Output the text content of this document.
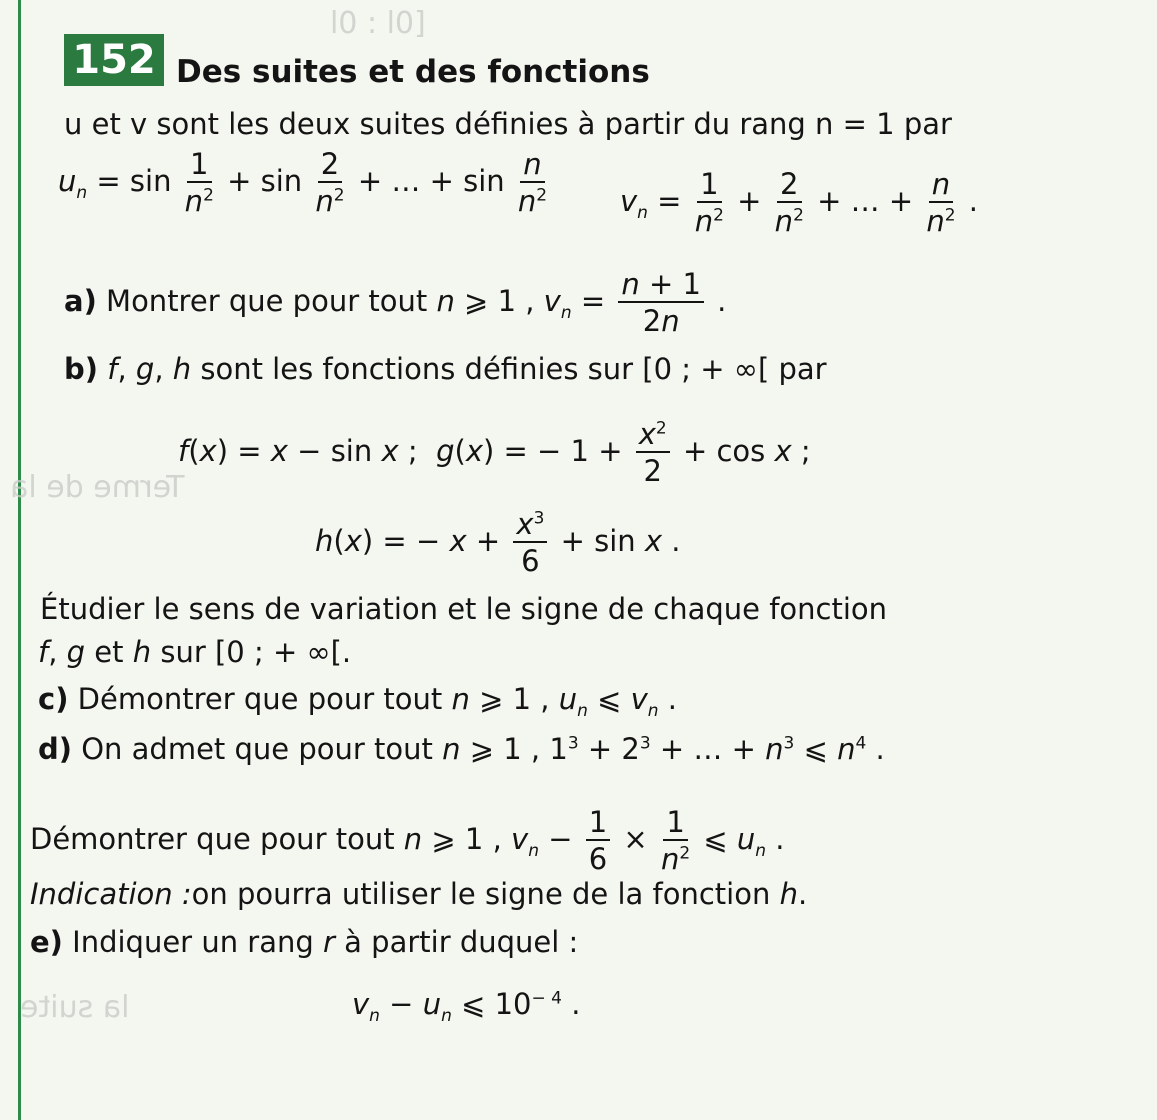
[0l : 0l
Terme de la
la suite
152 Des suites et des fonctions
u et v sont les deux suites définies à partir du rang n = 1 par
$u_n = \sin \frac{1}{n^2} + \sin \frac{2}{n^2}$ + … + $\sin \frac{n}{n^2}$	$v_n = \frac{1}{n^2} + \frac{2}{n^2}$ + … + $\frac{n}{n^2}$ .
a) Montrer que pour tout n ⩾ 1 , $v_n = \frac{n + 1}{2n}$ .
b) f, g, h sont les fonctions définies sur [0 ; + ∞[ par
f(x) = x − sin x ;  g(x) = − $1 + \frac{x^2}{2} + \cos x$ ;
h(x) = − $x + \frac{x^3}{6} + \sin x$ .
Étudier le sens de variation et le signe de chaque fonction
f, g et h sur [0 ; + ∞[.
c) Démontrer que pour tout n ⩾ 1 , $u_n$ ⩽ $v_n$ .
d) On admet que pour tout n ⩾ 1 , $1^3 + 2^3$ + … + $n^3$ ⩽ $n^4$ .
Démontrer que pour tout n ⩾ 1 , $v_n - \frac{1}{6} \times \frac{1}{n^2}$ ⩽ $u_n$ .
Indication :on pourra utiliser le signe de la fonction h.
e) Indiquer un rang r à partir duquel :
$v_n - u_n$ ⩽ $10^{- 4}$ .
